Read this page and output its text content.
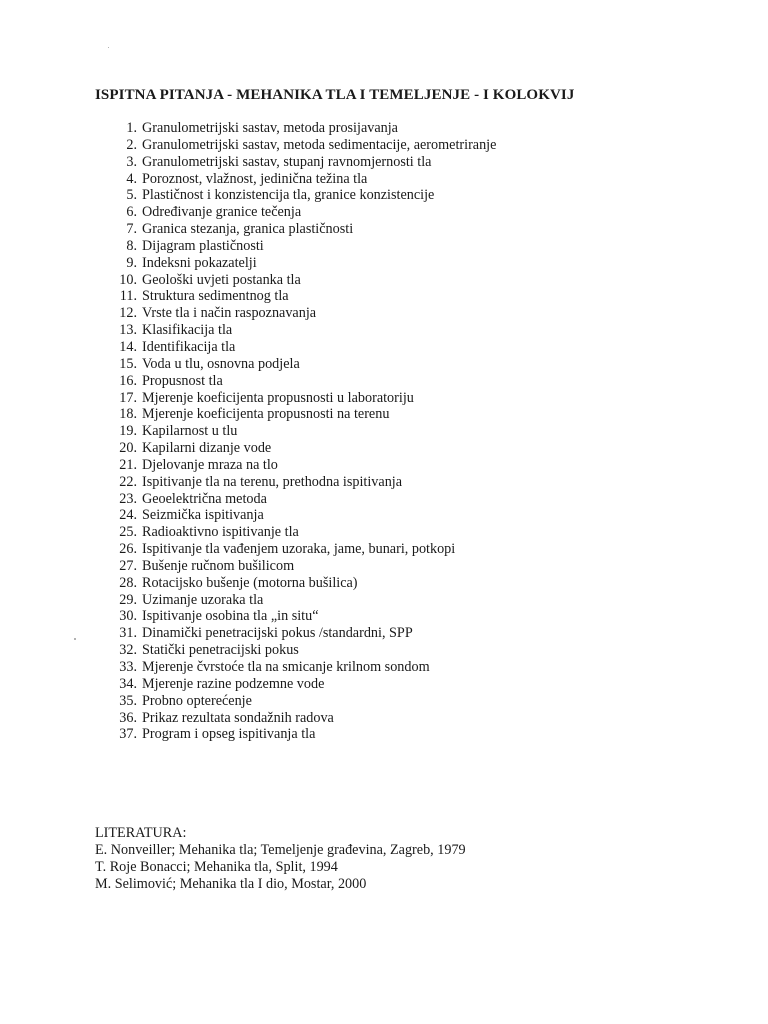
ISPITNA PITANJA - MEHANIKA TLA I TEMELJENJE - I KOLOKVIJ
1. Granulometrijski sastav, metoda prosijavanja
2. Granulometrijski sastav, metoda sedimentacije, aerometriranje
3. Granulometrijski sastav, stupanj ravnomjernosti tla
4. Poroznost, vlažnost, jedinična težina tla
5. Plastičnost i konzistencija tla, granice konzistencije
6. Određivanje granice tečenja
7. Granica stezanja, granica plastičnosti
8. Dijagram plastičnosti
9. Indeksni pokazatelji
10. Geološki uvjeti postanka tla
11. Struktura sedimentnog tla
12. Vrste tla i način raspoznavanja
13. Klasifikacija tla
14. Identifikacija tla
15. Voda u tlu, osnovna podjela
16. Propusnost tla
17. Mjerenje koeficijenta propusnosti u laboratoriju
18. Mjerenje koeficijenta propusnosti na terenu
19. Kapilarnost u tlu
20. Kapilarni dizanje vode
21. Djelovanje mraza na tlo
22. Ispitivanje tla na terenu, prethodna ispitivanja
23. Geoelektrična metoda
24. Seizmička ispitivanja
25. Radioaktivno ispitivanje tla
26. Ispitivanje tla vađenjem uzoraka, jame, bunari, potkopi
27. Bušenje ručnom bušilicom
28. Rotacijsko bušenje (motorna bušilica)
29. Uzimanje uzoraka tla
30. Ispitivanje osobina tla „in situ“
31. Dinamički penetracijski pokus /standardni, SPP
32. Statički penetracijski pokus
33. Mjerenje čvrstoće tla na smicanje krilnom sondom
34. Mjerenje razine podzemne vode
35. Probno opterećenje
36. Prikaz rezultata sondažnih radova
37. Program i opseg ispitivanja tla
LITERATURA:
E. Nonveiller; Mehanika tla; Temeljenje građevina, Zagreb, 1979
T. Roje Bonacci; Mehanika tla, Split, 1994
M. Selimović; Mehanika tla I dio, Mostar, 2000
